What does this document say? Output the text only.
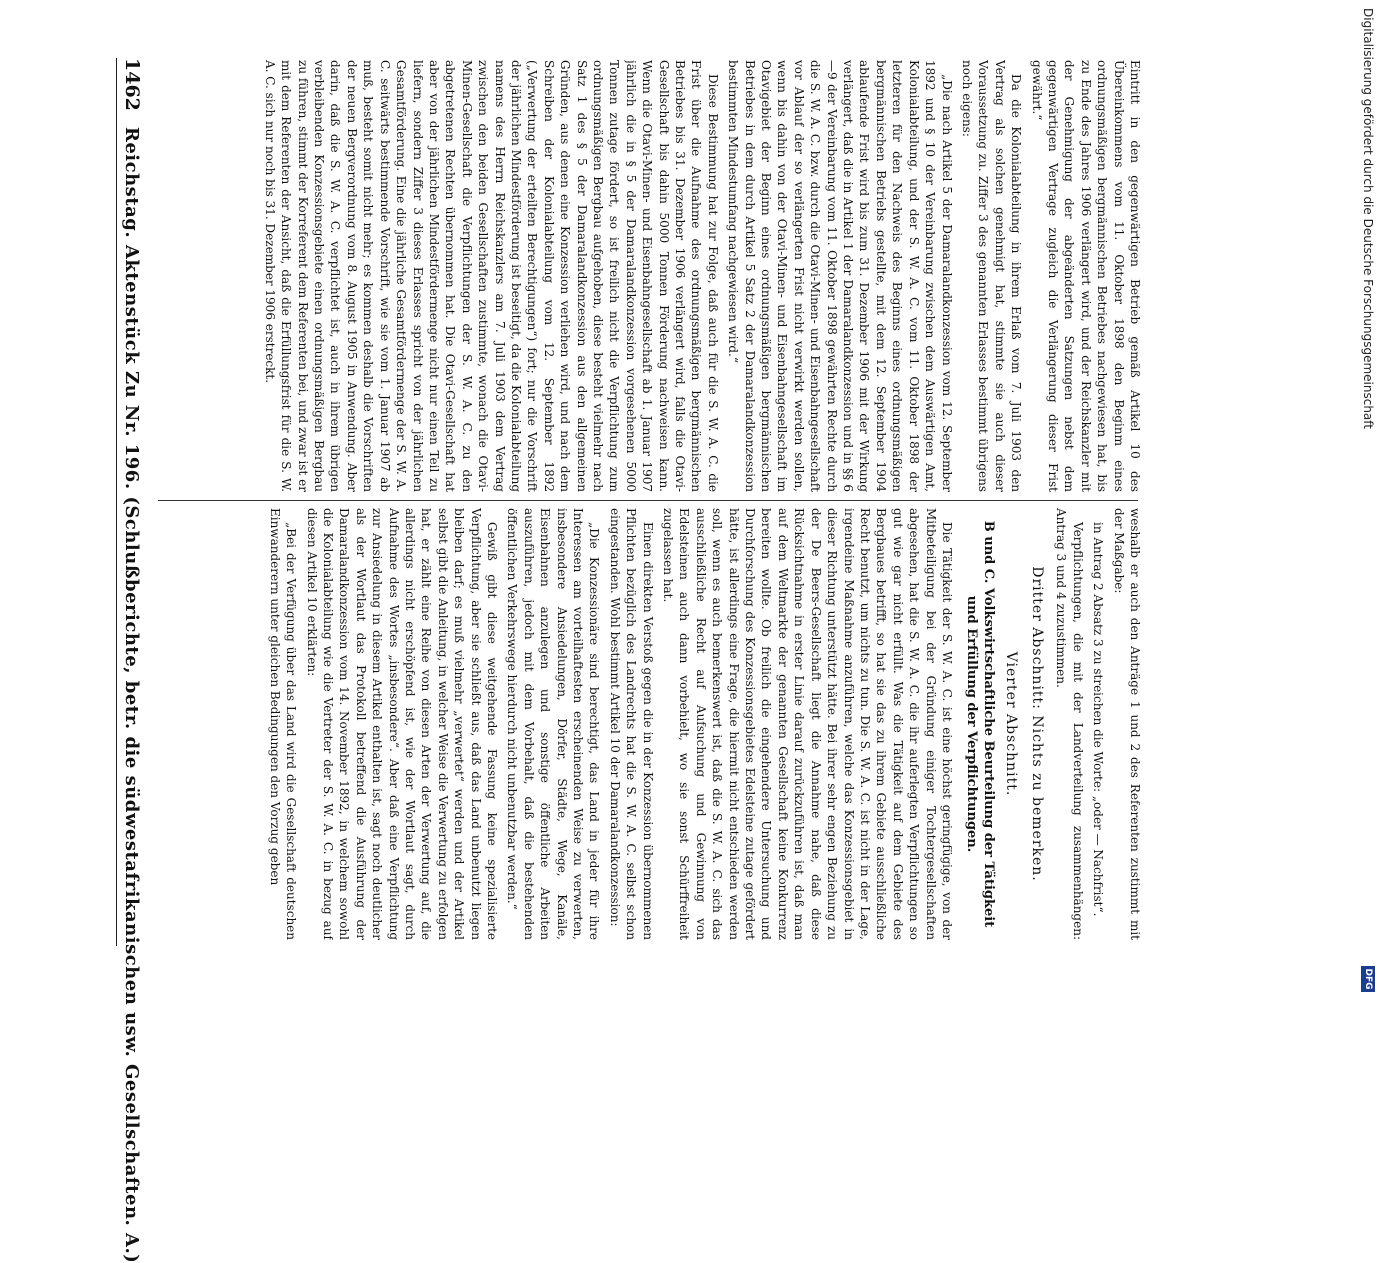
1462
Reichstag. Aktenstück Zu Nr. 196. (Schlußberichte, betr. die südwestafrikanischen usw. Gesellschaften. A.)	Eintritt in den gegenwärtigen Betrieb gemäß Artikel 10 des Übereinkommens vom 11. Oktober 1898 den Beginm eines ordnungsmäßigen bergmännischen Betriebes nachgewiesen hat, bis zu Ende des Jahres 1906 verlängert wird, und der Reichskanzler mit der Genehmigung der abgeänderten Satzungen nebst dem gegenwärtigen Vertrage zugleich die Verlängerung dieser Frist gewährt.“

Da die Kolonialabteilung in ihrem Erlaß vom 7. Juli 1903 den Vertrag als solchen genehmigt hat, stimmte sie auch dieser Voraussetzung zu. Ziffer 3 des genannten Erlasses bestimmt übrigens noch eigens:

„Die nach Artikel 5 der Damaralandkonzession vom 12. September 1892 und § 10 der Vereinbarung zwischen dem Auswärtigen Amt, Kolonialabteilung, und der S. W. A. C. vom 11. Oktober 1898 der letzteren für den Nachweis des Beginns eines ordnungsmäßigen bergmännischen Betriebs gestellte, mit dem 12. September 1904 ablaufende Frist wird bis zum 31. Dezember 1906 mit der Wirkung verlängert, daß die in Artikel 1 der Damaralandkonzession und in §§ 6—9 der Vereinbarung vom 11. Oktober 1898 gewährten Rechte durch die S. W. A. C. bzw. durch die Otavi-Minen- und Eisenbahngesellschaft vor Ablauf der so verlängerten Frist nicht verwirkt werden sollen, wenn bis dahin von der Otavi-Minen- und Eisenbahngesellschaft im Otavigebiet der Beginn eines ordnungsmäßigen bergmännischen Betriebes in dem durch Artikel 5 Satz 2 der Damaralandkonzession bestimmten Mindestumfang nachgewiesen wird.“

Diese Bestimmung hat zur Folge, daß auch für die S. W. A. C. die Frist über die Aufnahme des ordnungsmäßigen bergmännischen Betriebes bis 31. Dezember 1906 verlängert wird, falls die Otavi-Gesellschaft bis dahin 5000 Tonnen Förderung nachweisen kann. Wenn die Otavi-Minen- und Eisenbahngesellschaft ab 1. Januar 1907 jährlich die in § 5 der Damaralandkonzession vorgesehenen 5000 Tonnen zutage fördert, so ist freilich nicht die Verpflichtung zum ordnungsmäßigen Bergbau aufgehoben, diese besteht vielmehr nach Satz 1 des § 5 der Damaralandkonzession aus den allgemeinen Gründen, aus denen eine Konzession verliehen wird, und nach dem Schreiben der Kolonialabteilung vom 12. September 1892 („Verwertung der erteilten Berechtigungen“) fort; nur die Vorschrift der jährlichen Mindestförderung ist beseitigt, da die Kolonialabteilung namens des Herrn Reichskanzlers am 7. Juli 1903 dem Vertrag zwischen den beiden Gesellschaften zustimmte, wonach die Otavi-Minen-Gesellschaft die Verpflichtungen der S. W. A. C. zu den abgetretenen Rechten übernommen hat. Die Otavi-Gesellschaft hat aber von der jährlichen Mindestfördermenge nicht nur einen Teil zu liefern, sondern Ziffer 3 dieses Erlasses spricht von der jährlichen Gesamtförderung. Eine die jährliche Gesamtfördermenge der S. W. A. C. seitwärts bestimmende Vorschrift, wie sie vom 1. Januar 1907 ab muß, besteht somit nicht mehr; es kommen deshalb die Vorschriften der neuen Bergverordnung vom 8. August 1905 in Anwendung. Aber darin, daß die S. W. A. C. verpflichtet ist, auch in ihrem übrigen verbleibenden Konzessionsgebiete einen ordnungsmäßigen Bergbau zu führen, stimmt der Korreferent dem Referenten bei, und zwar ist er mit dem Referenten der Ansicht, daß die Erfüllungsfrist für die S. W. A. C. sich nur noch bis 31. Dezember 1906 erstreckt.

weshalb er auch den Anträge 1 und 2 des Referenten zustimmt mit der Maßgabe:

in Antrag 2 Absatz 3 zu streichen die Worte: „oder — Nachfrist“.

Verpflichtungen, die mit der Landverteilung zusammenhängen: Antrag 3 und 4 zuzustimmen.

Dritter Abschnitt: Nichts zu bemerken.
Vierter Abschnitt.
B und C. Volkswirtschaftliche Beurteilung der Tätigkeit und Erfüllung der Verpflichtungen.

Die Tätigkeit der S. W. A. C. ist eine höchst geringfügige, von der Mitbeteiligung bei der Gründung einiger Tochtergesellschaften abgesehen, hat die S. W. A. C. die ihr auferlegten Verpflichtungen so gut wie gar nicht erfüllt. Was die Tätigkeit auf dem Gebiete des Bergbaues betrifft, so hat sie das zu ihrem Gebiete ausschließliche Recht benutzt, um nichts zu tun. Die S. W. A. C. ist nicht in der Lage, irgendeine Maßnahme anzuführen, welche das Konzessionsgebiet in dieser Richtung unterstützt hätte. Bei ihrer sehr engen Beziehung zu der De Beers-Gesellschaft liegt die Annahme nahe, daß diese Rücksichtnahme in erster Linie darauf zurückzuführen ist, daß man auf dem Weltmarkte der genannten Gesellschaft keine Konkurrenz bereiten wollte. Ob freilich die eingehendere Untersuchung und Durchforschung des Konzessionsgebietes Edelsteine zutage gefördert hätte, ist allerdings eine Frage, die hiermit nicht entschieden werden soll, wenn es auch bemerkenswert ist, daß die S. W. A. C. sich das ausschließliche Recht auf Aufsuchung und Gewinnung von Edelsteinen auch dann vorbehielt, wo sie sonst Schürffreiheit zugelassen hat.

Einen direkten Verstoß gegen die in der Konzession übernommenen Pflichten bezüglich des Landrechts hat die S. W. A. C. selbst schon eingestanden. Wohl bestimmt Artikel 10 der Damaralandkonzession:

„Die Konzessionäre sind berechtigt, das Land in jeder für ihre Interessen am vorteilhaftesten erscheinenden Weise zu verwerten, insbesondere Ansiedelungen, Dörfer, Städte, Wege, Kanäle, Eisenbahnen anzulegen und sonstige öffentliche Arbeiten auszuführen, jedoch mit dem Vorbehalt, daß die bestehenden öffentlichen Verkehrswege hierdurch nicht unbenutzbar werden.“

Gewiß gibt diese weitgehende Fassung keine spezialisierte Verpflichtung, aber sie schließt aus, daß das Land unbenutzt liegen bleiben darf; es muß vielmehr „verwertet“ werden und der Artikel selbst gibt die Anleitung, in welcher Weise die Verwertung zu erfolgen hat, er zählt eine Reihe von diesen Arten der Verwertung auf, die allerdings nicht erschöpfend ist, wie der Wortlaut sagt, durch Aufnahme des Wortes „insbesondere“. Aber daß eine Verpflichtung zur Ansiedelung in diesem Artikel enthalten ist, sagt noch deutlicher als der Wortlaut das Protokoll betreffend die Ausführung der Damaralandkonzession vom 14. November 1892, in welchem sowohl die Kolonialabteilung wie die Vertreter der S. W. A. C. in bezug auf diesen Artikel 10 erklärten:

„Bei der Verfügung über das Land wird die Gesellschaft deutschen Einwanderern unter gleichen Bedingungen den Vorzug geben

Digitalisierung gefördert durch die Deutsche Forschungsgemeinschaft
DFG
